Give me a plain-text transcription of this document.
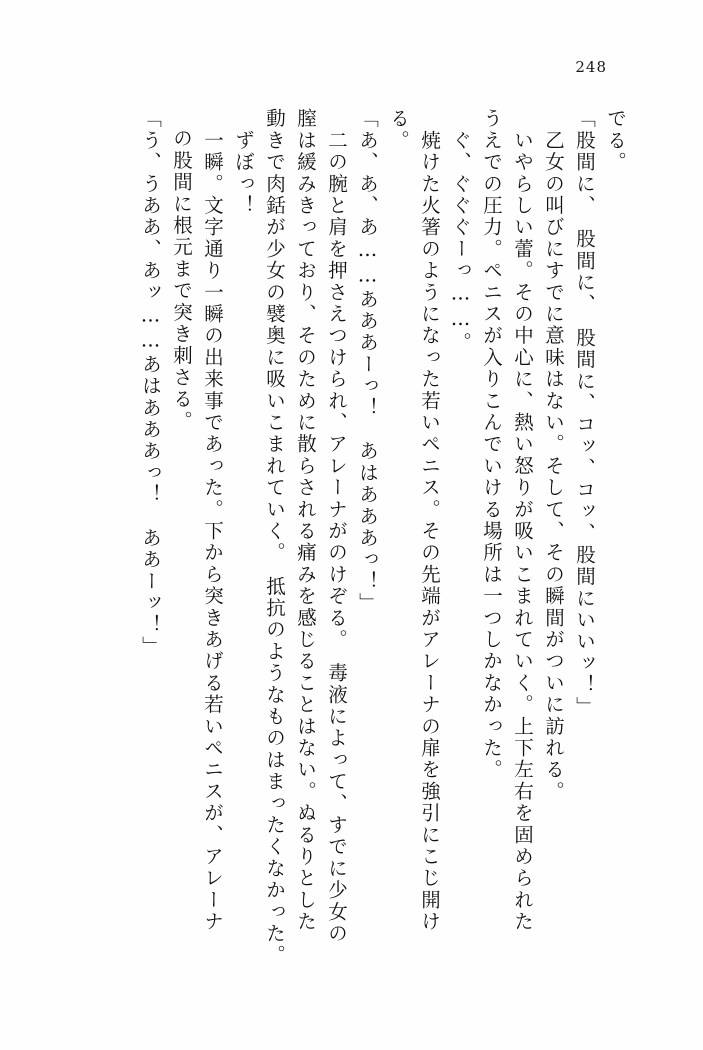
248
「う、うああ、あッ……あはあああっ！　ああーッ！」 の股間に根元まで突き刺さる。 　一瞬。文字通り一瞬の出来事であった。下から突きあげる若いペニスが、アレーナ 　ずぼっ！ 動きで肉銛が少女の襞奥に吸いこまれていく。　抵抗のようなものはまったくなかった。 膣は緩みきっており、そのために散らされる痛みを感じることはない。ぬるりとした 　二の腕と肩を押さえつけられ、アレーナがのけぞる。　毒液によって、すでに少女の 「あ、あ、あ……あああーっ！　あはあああっ！」 る。 　焼けた火箸のようになった若いペニス。その先端がアレーナの扉を強引にこじ開け 　ぐ、ぐぐぐーっ……。 うえでの圧力。ペニスが入りこんでいける場所は一つしかなかった。 　いやらしい蕾。その中心に、熱い怒りが吸いこまれていく。上下左右を固められた 　乙女の叫びにすでに意味はない。そして、その瞬間がついに訪れる。 「股間に、　股間に、　股間に、コッ、コッ、股間にいいッ！」 でる。
